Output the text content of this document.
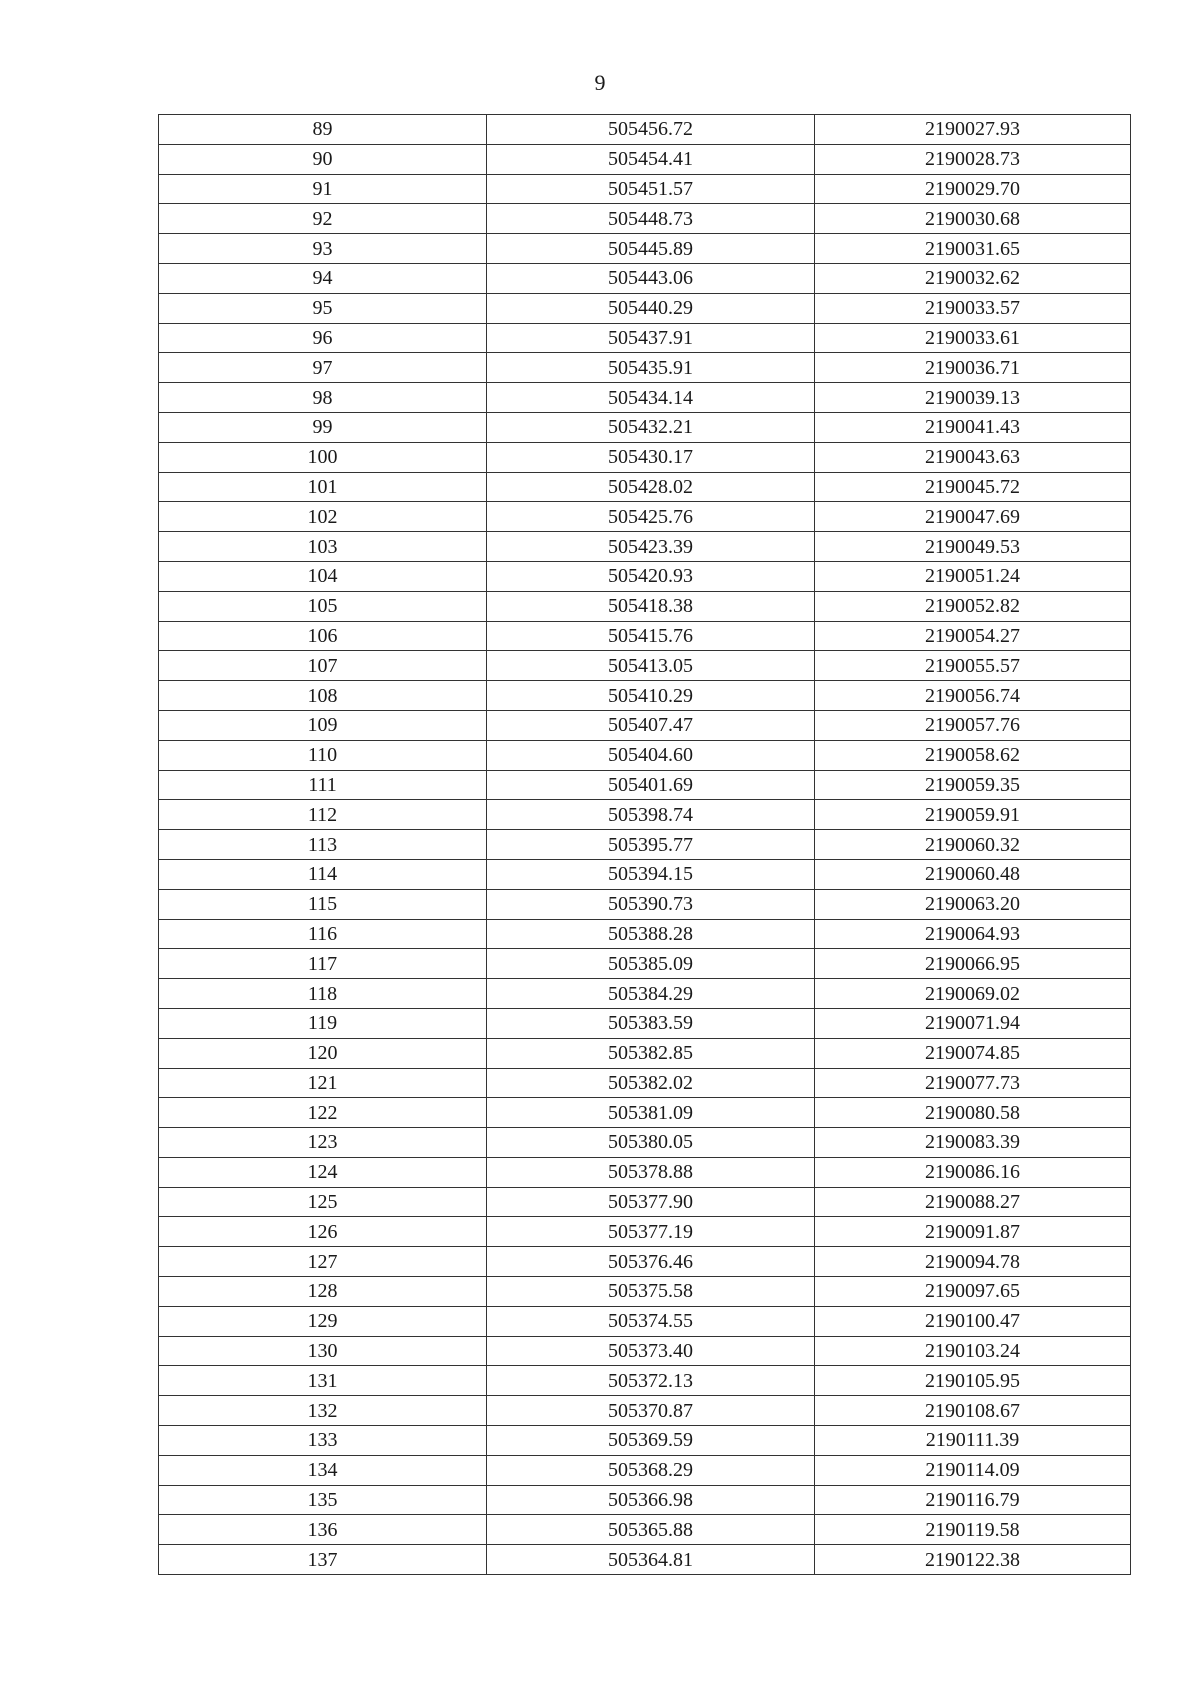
9
89	505456.72	2190027.93
90	505454.41	2190028.73
91	505451.57	2190029.70
92	505448.73	2190030.68
93	505445.89	2190031.65
94	505443.06	2190032.62
95	505440.29	2190033.57
96	505437.91	2190033.61
97	505435.91	2190036.71
98	505434.14	2190039.13
99	505432.21	2190041.43
100	505430.17	2190043.63
101	505428.02	2190045.72
102	505425.76	2190047.69
103	505423.39	2190049.53
104	505420.93	2190051.24
105	505418.38	2190052.82
106	505415.76	2190054.27
107	505413.05	2190055.57
108	505410.29	2190056.74
109	505407.47	2190057.76
110	505404.60	2190058.62
111	505401.69	2190059.35
112	505398.74	2190059.91
113	505395.77	2190060.32
114	505394.15	2190060.48
115	505390.73	2190063.20
116	505388.28	2190064.93
117	505385.09	2190066.95
118	505384.29	2190069.02
119	505383.59	2190071.94
120	505382.85	2190074.85
121	505382.02	2190077.73
122	505381.09	2190080.58
123	505380.05	2190083.39
124	505378.88	2190086.16
125	505377.90	2190088.27
126	505377.19	2190091.87
127	505376.46	2190094.78
128	505375.58	2190097.65
129	505374.55	2190100.47
130	505373.40	2190103.24
131	505372.13	2190105.95
132	505370.87	2190108.67
133	505369.59	2190111.39
134	505368.29	2190114.09
135	505366.98	2190116.79
136	505365.88	2190119.58
137	505364.81	2190122.38
